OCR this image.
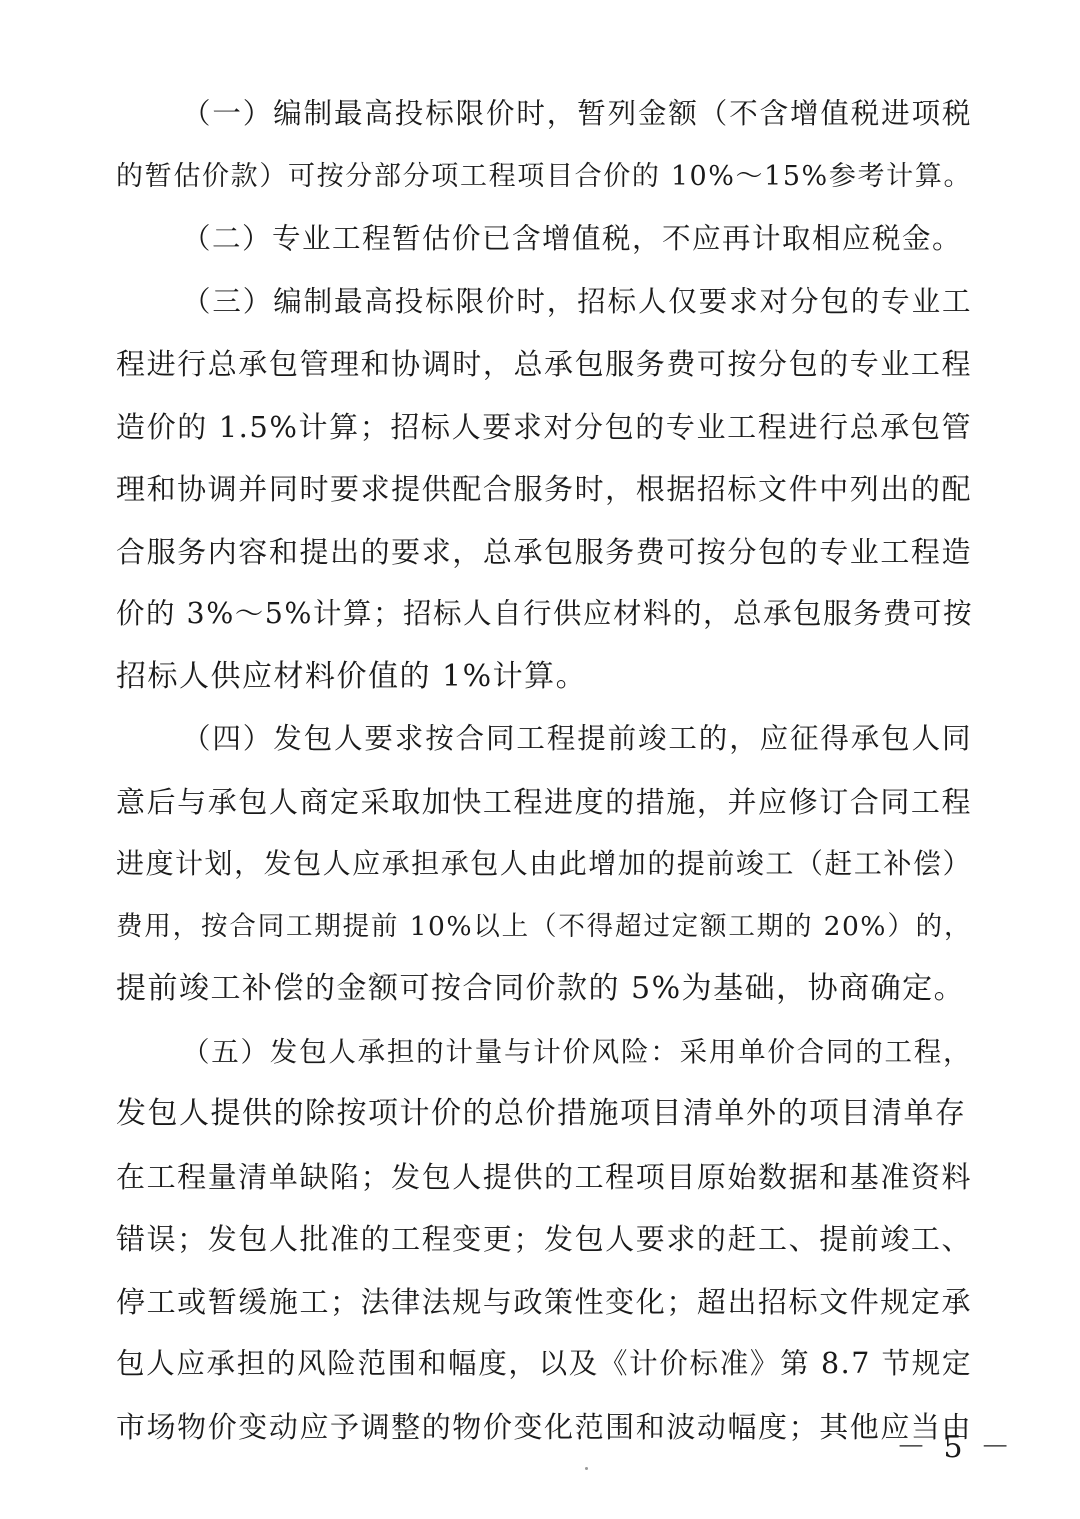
（一）编制最高投标限价时，暂列金额（不含增值税进项税
的暂估价款）可按分部分项工程项目合价的 10%～15%参考计算。
（二）专业工程暂估价已含增值税，不应再计取相应税金。
（三）编制最高投标限价时，招标人仅要求对分包的专业工
程进行总承包管理和协调时，总承包服务费可按分包的专业工程
造价的 1.5%计算；招标人要求对分包的专业工程进行总承包管
理和协调并同时要求提供配合服务时，根据招标文件中列出的配
合服务内容和提出的要求，总承包服务费可按分包的专业工程造
价的 3%～5%计算；招标人自行供应材料的，总承包服务费可按
招标人供应材料价值的 1%计算。
（四）发包人要求按合同工程提前竣工的，应征得承包人同
意后与承包人商定采取加快工程进度的措施，并应修订合同工程
进度计划，发包人应承担承包人由此增加的提前竣工（赶工补偿）
费用，按合同工期提前 10%以上（不得超过定额工期的 20%）的，
提前竣工补偿的金额可按合同价款的 5%为基础，协商确定。
（五）发包人承担的计量与计价风险：采用单价合同的工程，
发包人提供的除按项计价的总价措施项目清单外的项目清单存
在工程量清单缺陷；发包人提供的工程项目原始数据和基准资料
错误；发包人批准的工程变更；发包人要求的赶工、提前竣工、
停工或暂缓施工；法律法规与政策性变化；超出招标文件规定承
包人应承担的风险范围和幅度，以及《计价标准》第 8.7 节规定
市场物价变动应予调整的物价变化范围和波动幅度；其他应当由
－ 5 －
